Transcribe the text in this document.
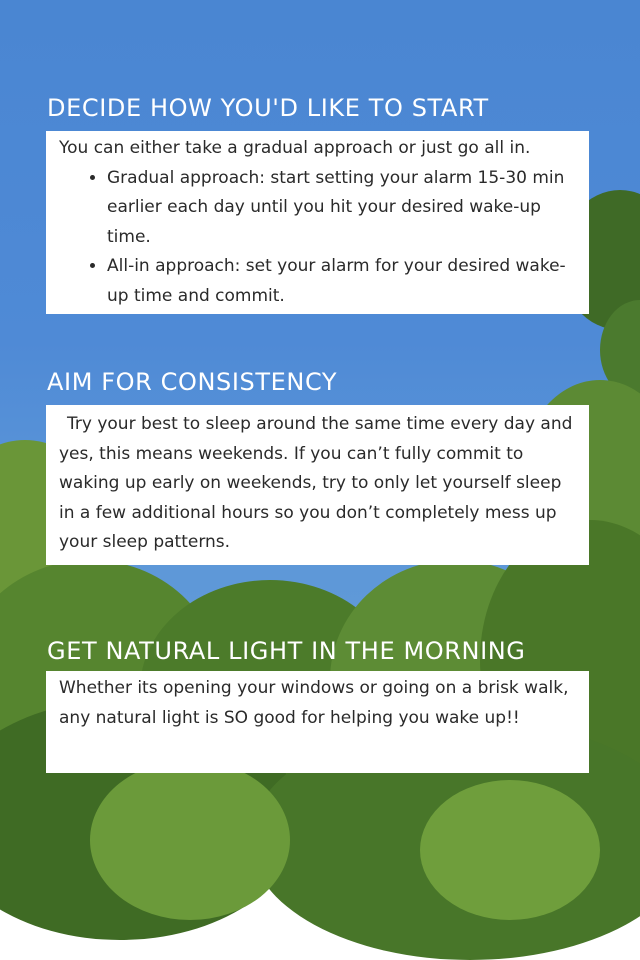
DECIDE HOW YOU'D LIKE TO START

You can either take a gradual approach or just go all in.

• Gradual approach: start setting your alarm 15-30 min earlier each day until you hit your desired wake-up time.
• All-in approach: set your alarm for your desired wake-up time and commit.
AIM FOR CONSISTENCY

Try your best to sleep around the same time every day and yes, this means weekends. If you can’t fully commit to waking up early on weekends, try to only let yourself sleep in a few additional hours so you don’t completely mess up your sleep patterns.

GET NATURAL LIGHT IN THE MORNING

Whether its opening your windows or going on a brisk walk, any natural light is SO good for helping you wake up!!
